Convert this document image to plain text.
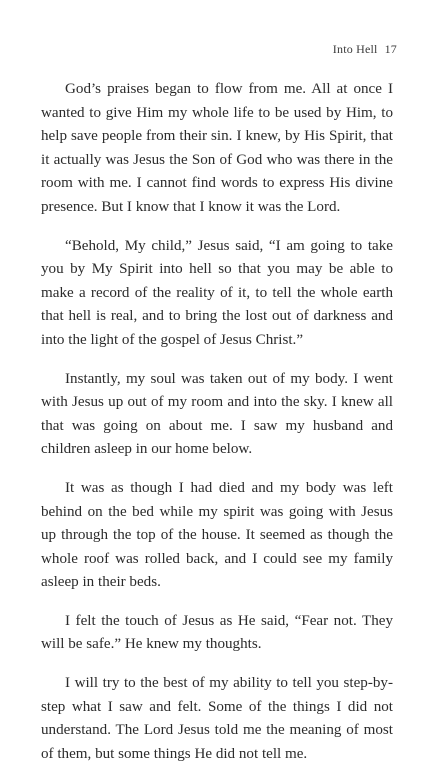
Into Hell 17

God’s praises began to flow from me. All at once I wanted to give Him my whole life to be used by Him, to help save people from their sin. I knew, by His Spirit, that it actually was Jesus the Son of God who was there in the room with me. I cannot find words to express His divine presence. But I know that I know it was the Lord.

“Behold, My child,” Jesus said, “I am going to take you by My Spirit into hell so that you may be able to make a record of the reality of it, to tell the whole earth that hell is real, and to bring the lost out of darkness and into the light of the gospel of Jesus Christ.”

Instantly, my soul was taken out of my body. I went with Jesus up out of my room and into the sky. I knew all that was going on about me. I saw my husband and children asleep in our home below.

It was as though I had died and my body was left behind on the bed while my spirit was going with Jesus up through the top of the house. It seemed as though the whole roof was rolled back, and I could see my family asleep in their beds.

I felt the touch of Jesus as He said, “Fear not. They will be safe.” He knew my thoughts.

I will try to the best of my ability to tell you step-by-step what I saw and felt. Some of the things I did not understand. The Lord Jesus told me the meaning of most of them, but some things He did not tell me.
